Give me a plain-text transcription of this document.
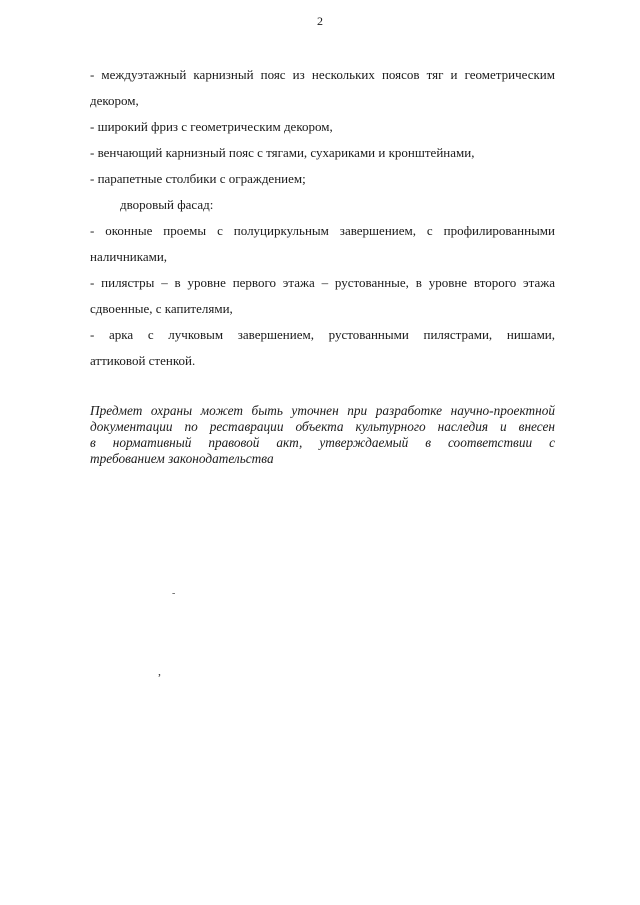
2
- междуэтажный карнизный пояс из нескольких поясов тяг и геометрическим
декором,
- широкий фриз с геометрическим декором,
- венчающий карнизный пояс с тягами, сухариками и кронштейнами,
- парапетные столбики с ограждением;
дворовый фасад:
- оконные проемы с полуциркульным завершением, с профилированными
наличниками,
- пилястры – в уровне первого этажа – рустованные, в уровне второго этажа
сдвоенные, с капителями,
- арка с лучковым завершением, рустованными пилястрами, нишами,
аттиковой стенкой.
Предмет охраны может быть уточнен при разработке научно-проектной
документации по реставрации объекта культурного наследия и внесен
в нормативный правовой акт, утверждаемый в соответствии с
требованием законодательства
-
,
